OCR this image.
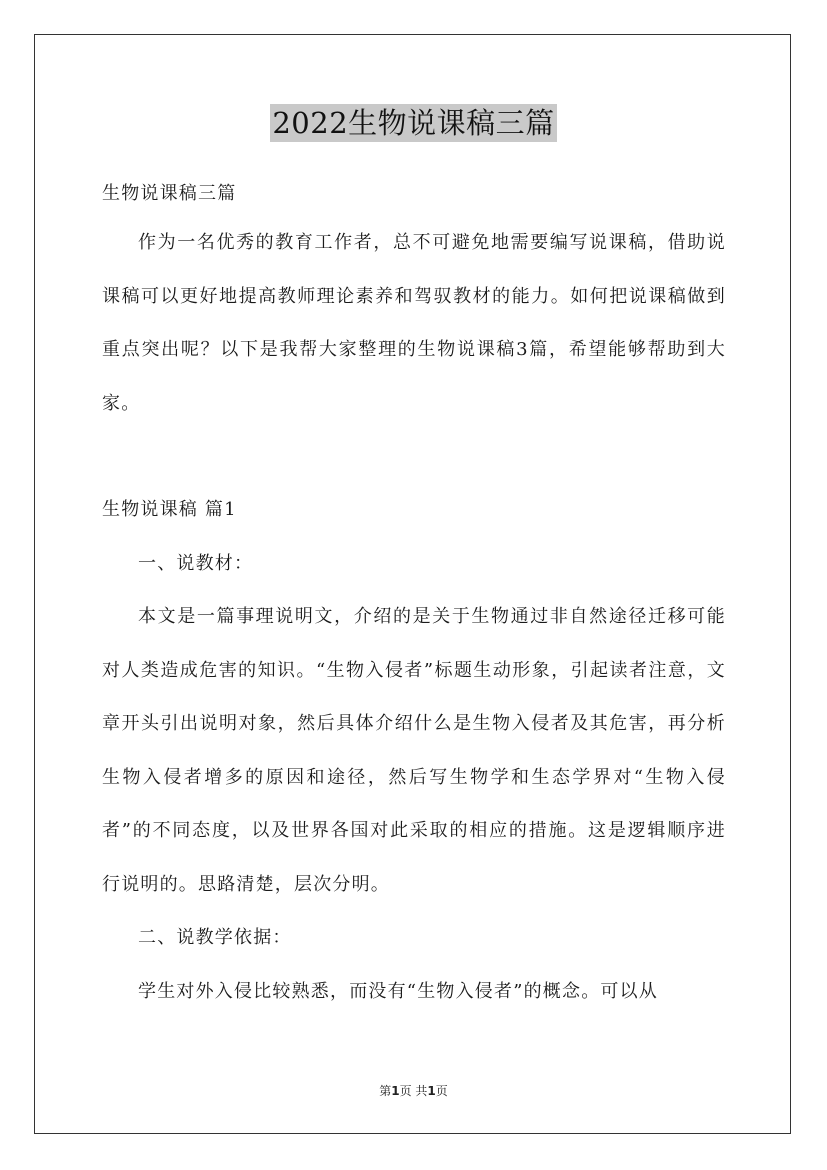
2022生物说课稿三篇

生物说课稿三篇

作为一名优秀的教育工作者，总不可避免地需要编写说课稿，借助说课稿可以更好地提高教师理论素养和驾驭教材的能力。如何把说课稿做到重点突出呢？以下是我帮大家整理的生物说课稿3篇，希望能够帮助到大家。

生物说课稿 篇1

一、说教材：

本文是一篇事理说明文，介绍的是关于生物通过非自然途径迁移可能对人类造成危害的知识。“生物入侵者”标题生动形象，引起读者注意，文章开头引出说明对象，然后具体介绍什么是生物入侵者及其危害，再分析生物入侵者增多的原因和途径，然后写生物学和生态学界对“生物入侵者”的不同态度，以及世界各国对此采取的相应的措施。这是逻辑顺序进行说明的。思路清楚，层次分明。

二、说教学依据：

学生对外入侵比较熟悉，而没有“生物入侵者”的概念。可以从

第1页 共1页
